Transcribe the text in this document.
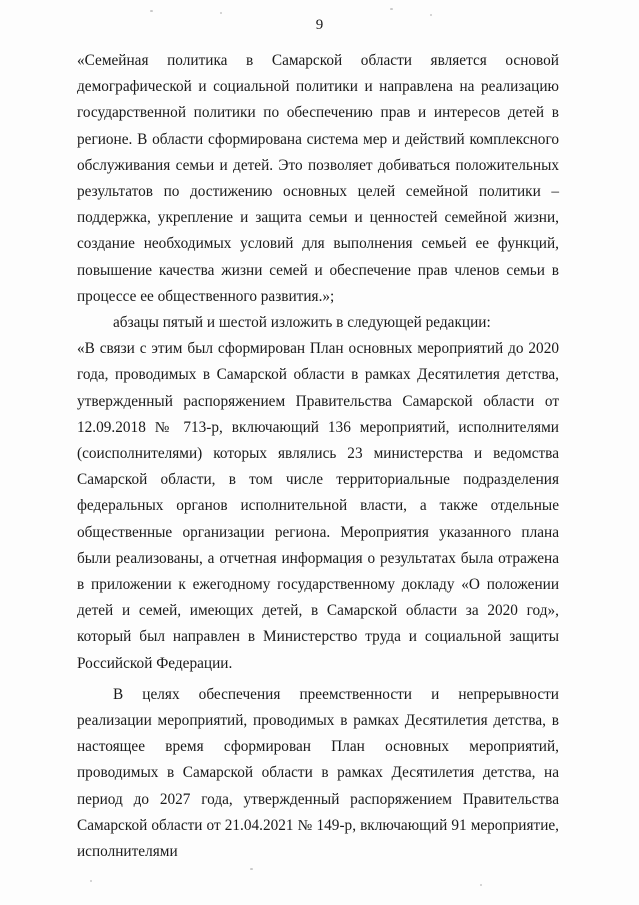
9

«Семейная политика в Самарской области является основой демографической и социальной политики и направлена на реализацию государственной политики по обеспечению прав и интересов детей в регионе. В области сформирована система мер и действий комплексного обслуживания семьи и детей. Это позволяет добиваться положительных результатов по достижению основных целей семейной политики – поддержка, укрепление и защита семьи и ценностей семейной жизни, создание необходимых условий для выполнения семьей ее функций, повышение качества жизни семей и обеспечение прав членов семьи в процессе ее общественного развития.»;

абзацы пятый и шестой изложить в следующей редакции:

«В связи с этим был сформирован План основных мероприятий до 2020 года, проводимых в Самарской области в рамках Десятилетия детства, утвержденный распоряжением Правительства Самарской области от 12.09.2018 № 713-р, включающий 136 мероприятий, исполнителями (соисполнителями) которых являлись 23 министерства и ведомства Самарской области, в том числе территориальные подразделения федеральных органов исполнительной власти, а также отдельные общественные организации региона. Мероприятия указанного плана были реализованы, а отчетная информация о результатах была отражена в приложении к ежегодному государственному докладу «О положении детей и семей, имеющих детей, в Самарской области за 2020 год», который был направлен в Министерство труда и социальной защиты Российской Федерации.

В целях обеспечения преемственности и непрерывности реализации мероприятий, проводимых в рамках Десятилетия детства, в настоящее время сформирован План основных мероприятий, проводимых в Самарской области в рамках Десятилетия детства, на период до 2027 года, утвержденный распоряжением Правительства Самарской области от 21.04.2021 № 149-р, включающий 91 мероприятие, исполнителями
